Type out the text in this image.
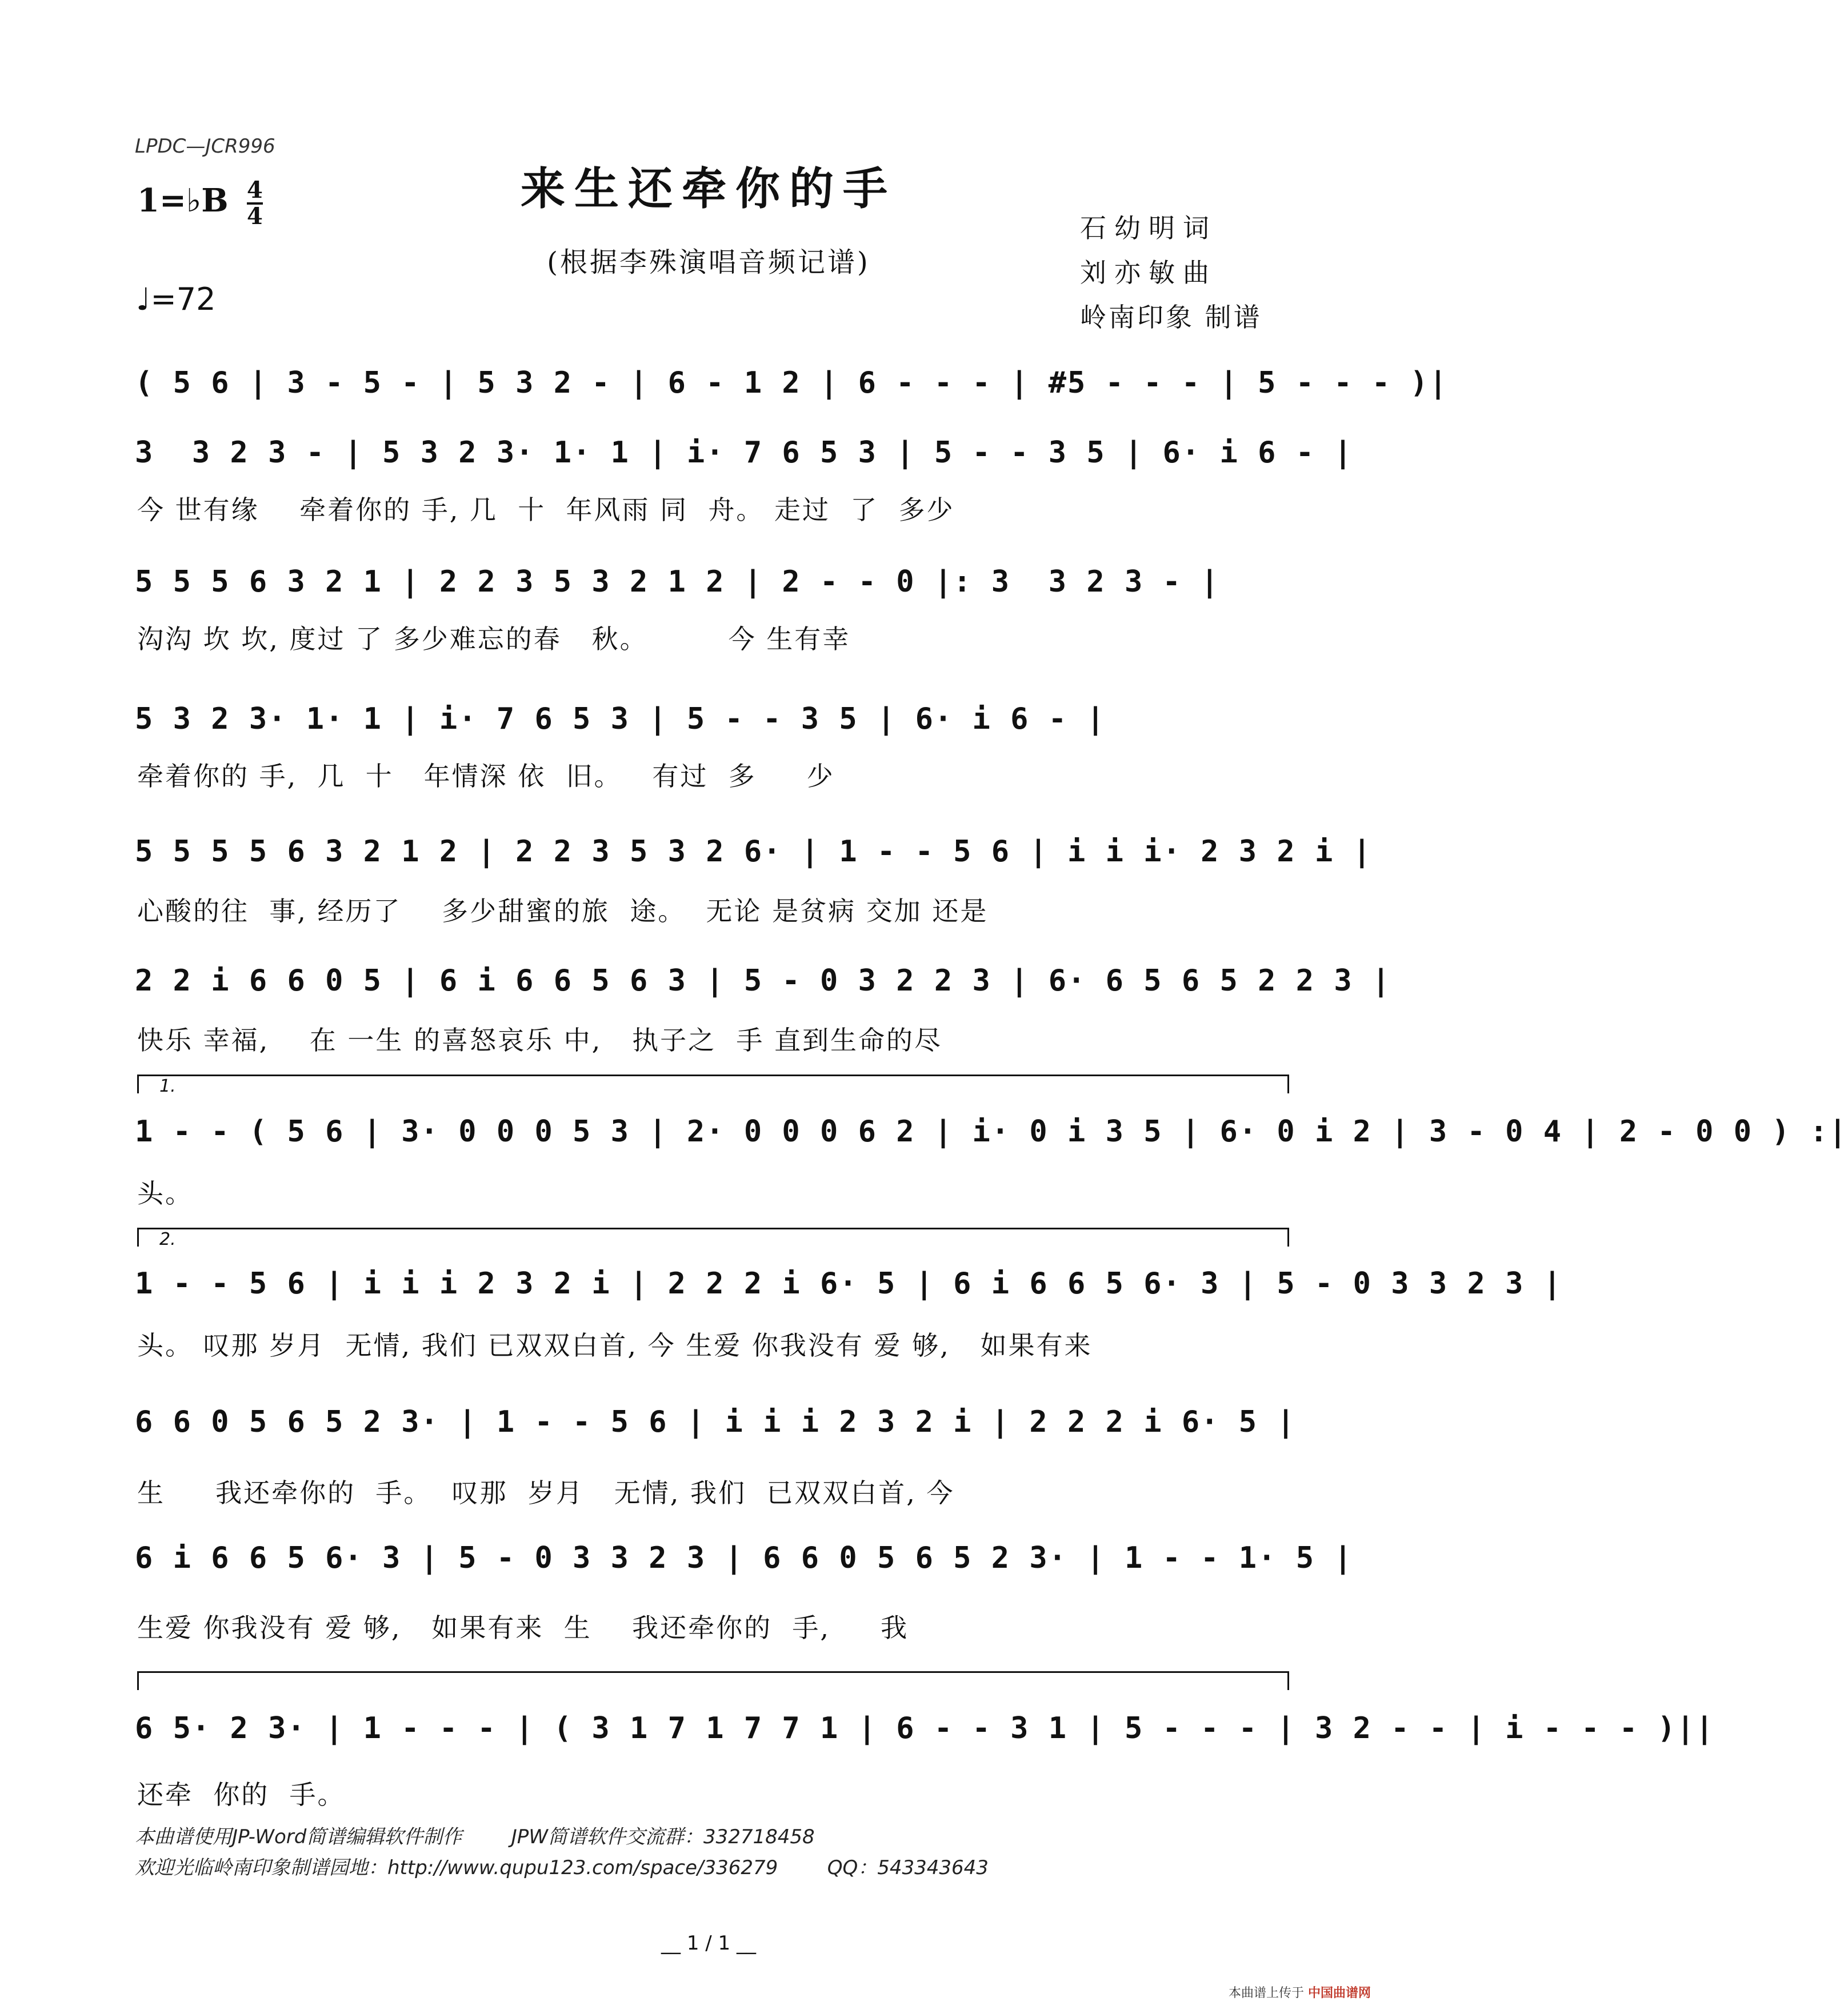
LPDC—JCR996
来生还牵你的手
(根据李殊演唱音频记谱)
1=♭B 4
4
♩=72
石幼明词
刘亦敏曲
岭南印象 制谱
( 5 6 | 3 - 5 - | 5 3 2 - | 6 - 1 2 | 6 - - - | #5 - - - | 5 - - - )|
3  3 2 3 - | 5 3 2 3· 1· 1 | i· 7 6 5 3 | 5 - - 3 5 | 6· i 6 - |
今 世有缘    牵着你的 手, 几  十  年风雨 同  舟。 走过  了  多少
5 5 5 6 3 2 1 | 2 2 3 5 3 2 1 2 | 2 - - 0 |: 3  3 2 3 - |
沟沟 坎 坎, 度过 了 多少难忘的春   秋。        今 生有幸
5 3 2 3· 1· 1 | i· 7 6 5 3 | 5 - - 3 5 | 6· i 6 - |
牵着你的 手,  几  十   年情深 依  旧。   有过  多     少
5 5 5 5 6 3 2 1 2 | 2 2 3 5 3 2 6· | 1 - - 5 6 | i i i· 2 3 2 i |
心酸的往  事, 经历了    多少甜蜜的旅  途。  无论 是贫病 交加 还是
2 2 i 6 6 0 5 | 6 i 6 6 5 6 3 | 5 - 0 3 2 2 3 | 6· 6 5 6 5 2 2 3 |
快乐 幸福,    在 一生 的喜怒哀乐 中,   执子之  手 直到生命的尽
1.
1 - - ( 5 6 | 3· 0 0 0 5 3 | 2· 0 0 0 6 2 | i· 0 i 3 5 | 6· 0 i 2 | 3 - 0 4 | 2 - 0 0 ) :|
头。
2.
1 - - 5 6 | i i i 2 3 2 i | 2 2 2 i 6· 5 | 6 i 6 6 5 6· 3 | 5 - 0 3 3 2 3 |
头。 叹那 岁月  无情, 我们 已双双白首, 今 生爱 你我没有 爱 够,   如果有来
6 6 0 5 6 5 2 3· | 1 - - 5 6 | i i i 2 3 2 i | 2 2 2 i 6· 5 |
生     我还牵你的  手。  叹那  岁月   无情, 我们  已双双白首, 今
6 i 6 6 5 6· 3 | 5 - 0 3 3 2 3 | 6 6 0 5 6 5 2 3· | 1 - - 1· 5 |
生爱 你我没有 爱 够,   如果有来  生    我还牵你的  手,     我
6 5· 2 3· | 1 - - - | ( 3 1 7 1 7 7 1 | 6 - - 3 1 | 5 - - - | 3 2 - - | i - - - )||
还牵  你的  手。
本曲谱使用JP-Word简谱编辑软件制作        JPW简谱软件交流群：332718458
欢迎光临岭南印象制谱园地：http://www.qupu123.com/space/336279        QQ：543343643
__ 1 / 1 __
本曲谱上传于 中国曲谱网
